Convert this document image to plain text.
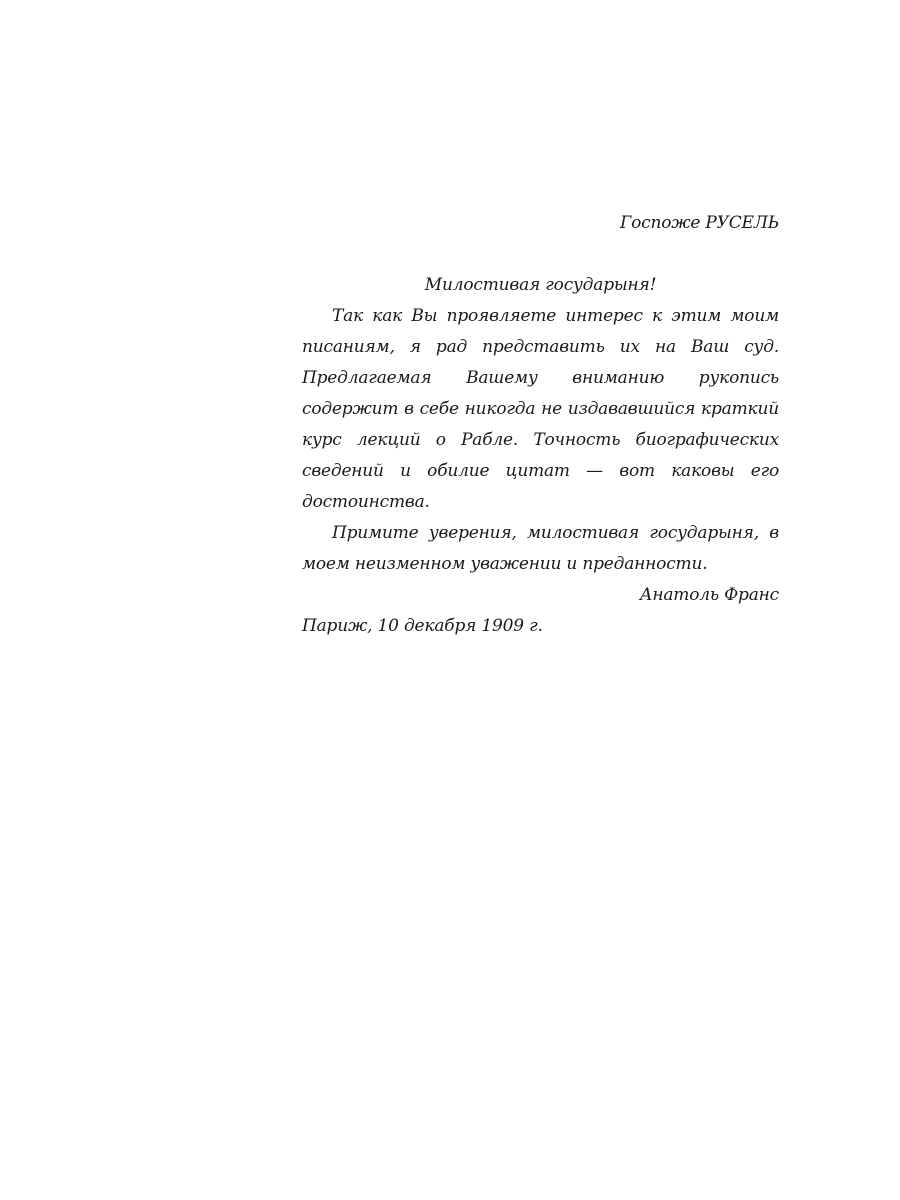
Госпоже РУСЕЛЬ

Милостивая государыня!

Так как Вы проявляете интерес к этим моим писаниям, я рад представить их на Ваш суд. Предлагаемая Вашему вниманию рукопись содержит в себе никогда не издававшийся краткий курс лекций о Рабле. Точность биографических сведений и обилие цитат — вот каковы его достоинства.

Примите уверения, милостивая государыня, в моем неизменном уважении и преданности.

Анатоль Франс

Париж, 10 декабря 1909 г.
